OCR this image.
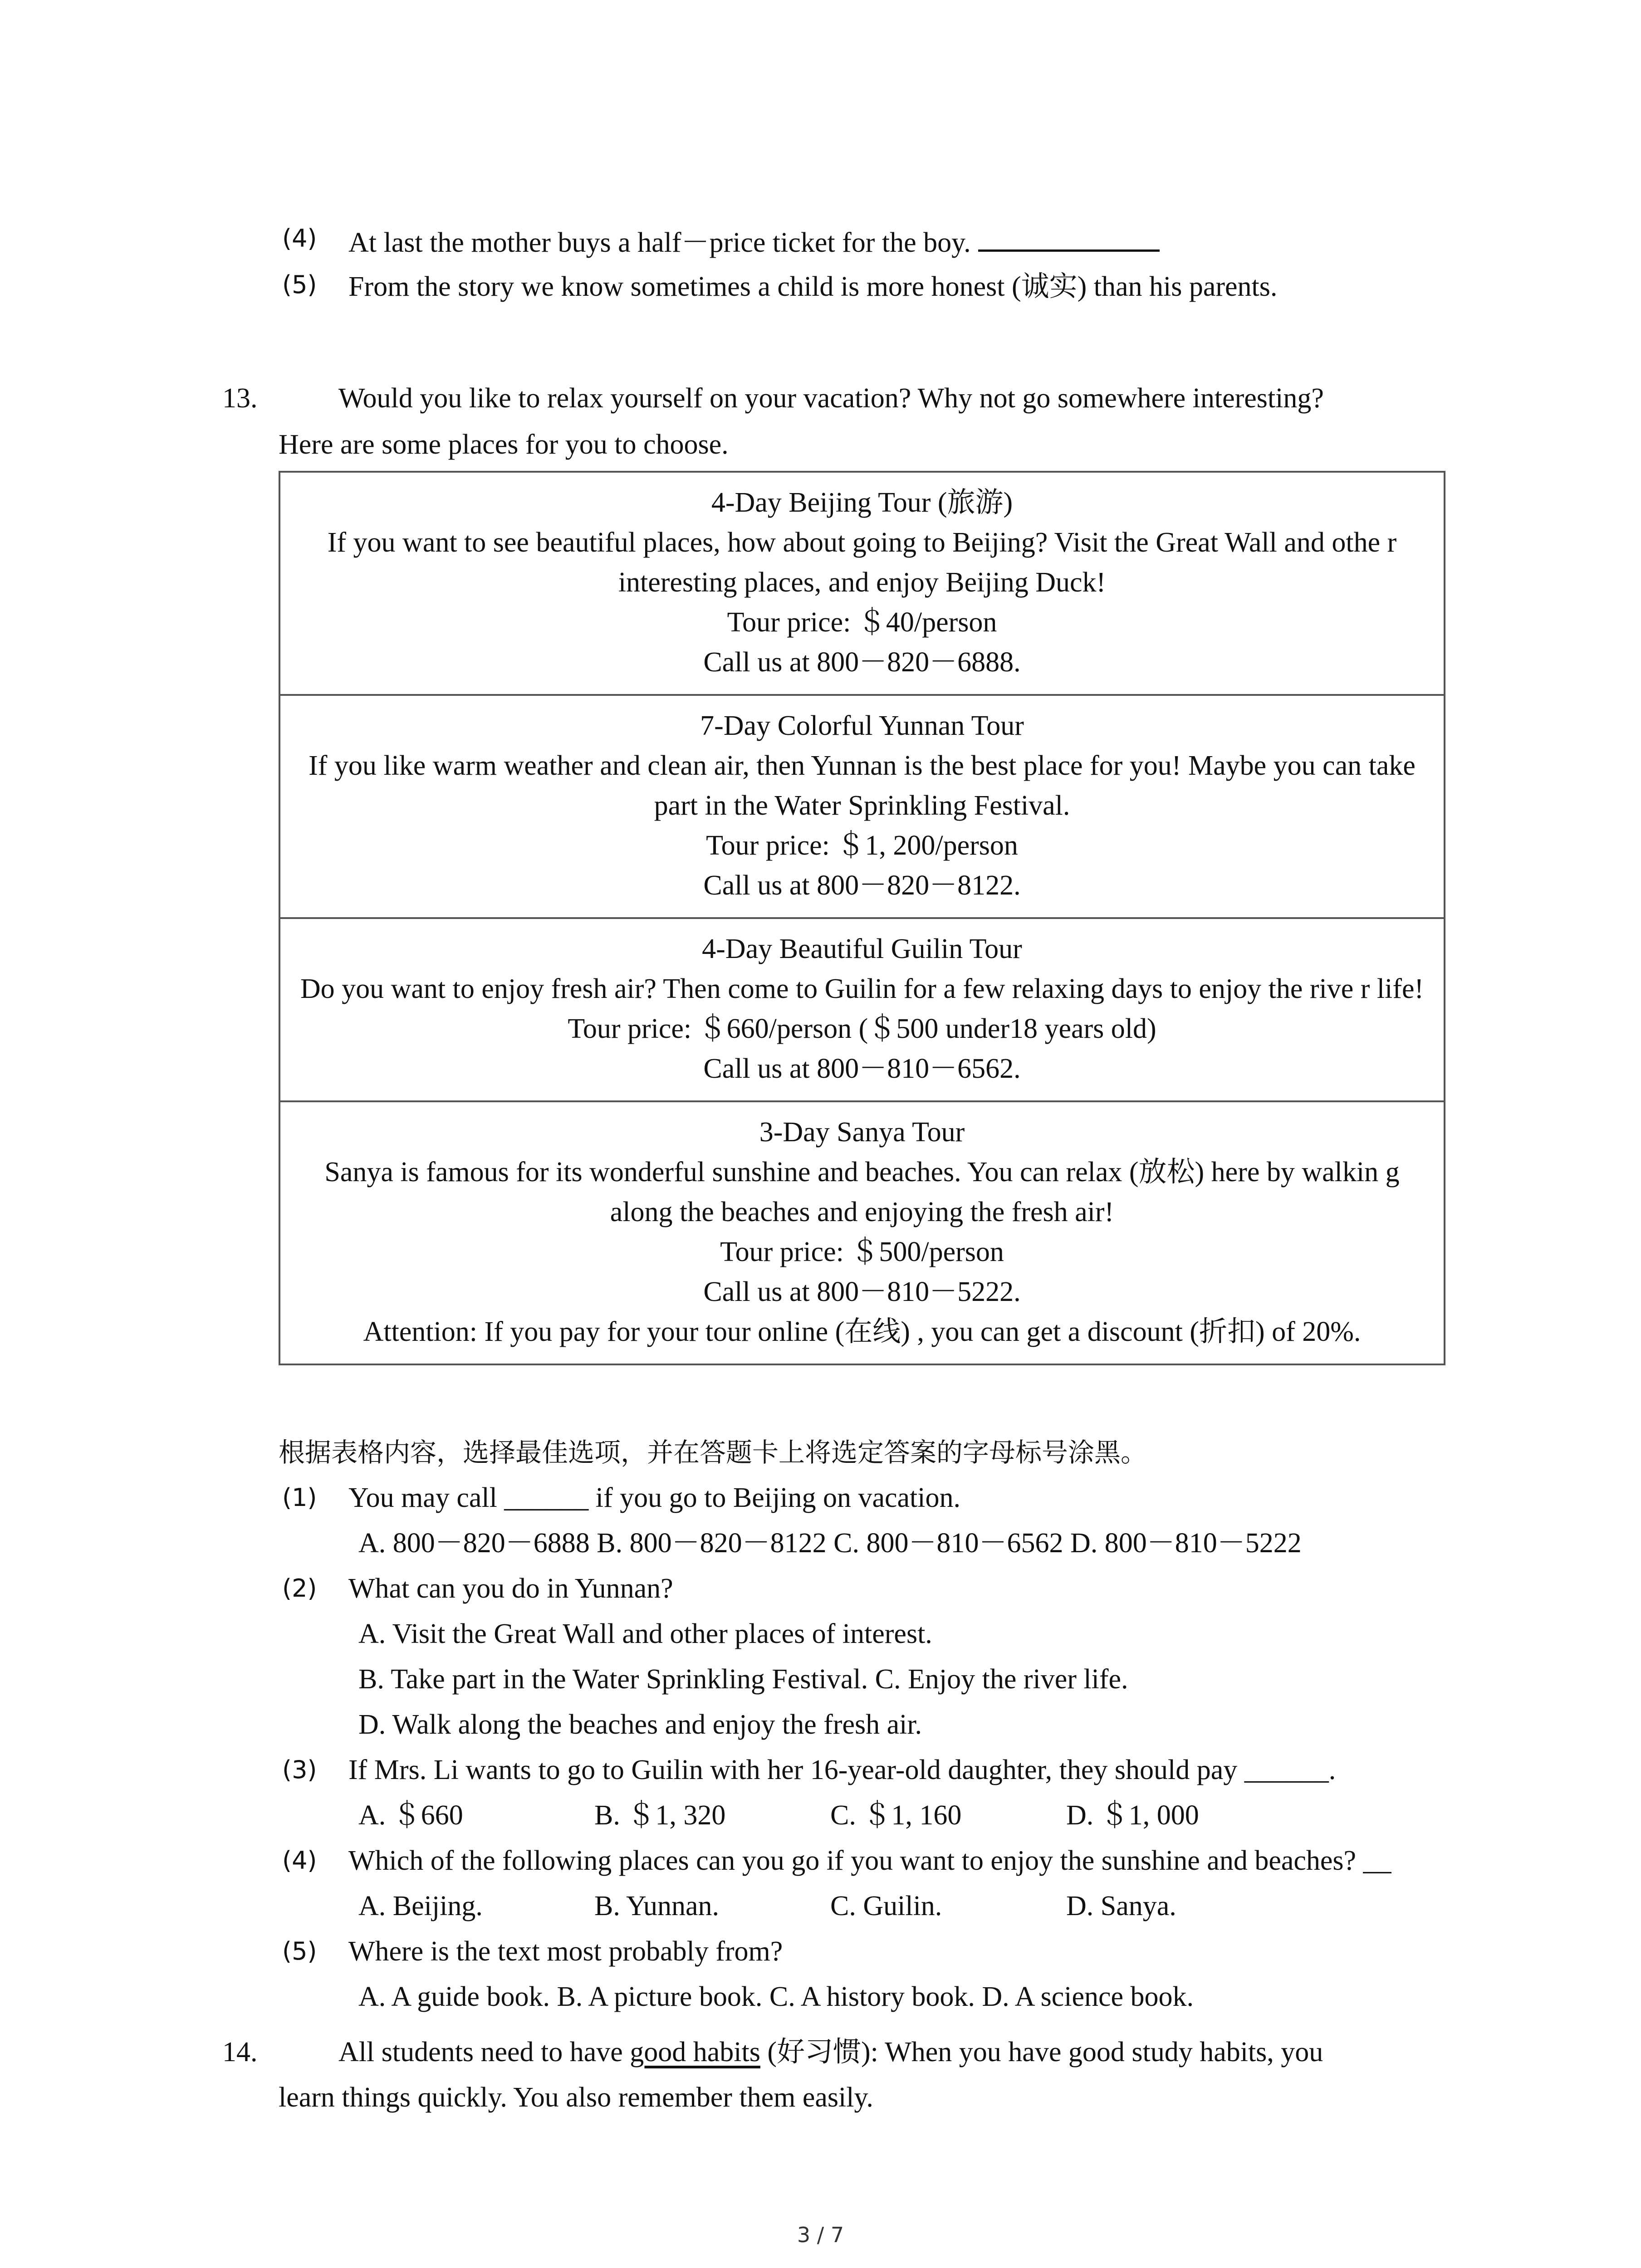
(4) At last the mother buys a half－price ticket for the boy.
(5) From the story we know sometimes a child is more honest (诚实) than his parents.
13.	Would you like to relax yourself on your vacation? Why not go somewhere interesting?
Here are some places for you to choose.
4-Day Beijing Tour (旅游)
If you want to see beautiful places, how about going to Beijing? Visit the Great Wall and othe r interesting places, and enjoy Beijing Duck!
Tour price: ＄40/person
Call us at 800－820－6888.
7-Day Colorful Yunnan Tour
If you like warm weather and clean air, then Yunnan is the best place for you! Maybe you can take part in the Water Sprinkling Festival.
Tour price: ＄1, 200/person
Call us at 800－820－8122.
4-Day Beautiful Guilin Tour
Do you want to enjoy fresh air? Then come to Guilin for a few relaxing days to enjoy the rive r life!
Tour price: ＄660/person (＄500 under18 years old)
Call us at 800－810－6562.
3-Day Sanya Tour
Sanya is famous for its wonderful sunshine and beaches. You can relax (放松) here by walkin g along the beaches and enjoying the fresh air!
Tour price: ＄500/person
Call us at 800－810－5222.
Attention: If you pay for your tour online (在线) , you can get a discount (折扣) of 20%.
根据表格内容，选择最佳选项，并在答题卡上将选定答案的字母标号涂黑。
(1) You may call ______ if you go to Beijing on vacation.
A. 800－820－6888 B. 800－820－8122 C. 800－810－6562 D. 800－810－5222
(2) What can you do in Yunnan?
A. Visit the Great Wall and other places of interest.
B. Take part in the Water Sprinkling Festival. C. Enjoy the river life.
D. Walk along the beaches and enjoy the fresh air.
(3) If Mrs. Li wants to go to Guilin with her 16-year-old daughter, they should pay ______.
A. ＄660	B. ＄1, 320	C. ＄1, 160	D. ＄1, 000
(4) Which of the following places can you go if you want to enjoy the sunshine and beaches? __
A. Beijing.	B. Yunnan.	C. Guilin.	D. Sanya.
(5) Where is the text most probably from?
A. A guide book. B. A picture book. C. A history book. D. A science book.
14.	All students need to have good habits (好习惯): When you have good study habits, you
learn things quickly. You also remember them easily.
3 / 7
